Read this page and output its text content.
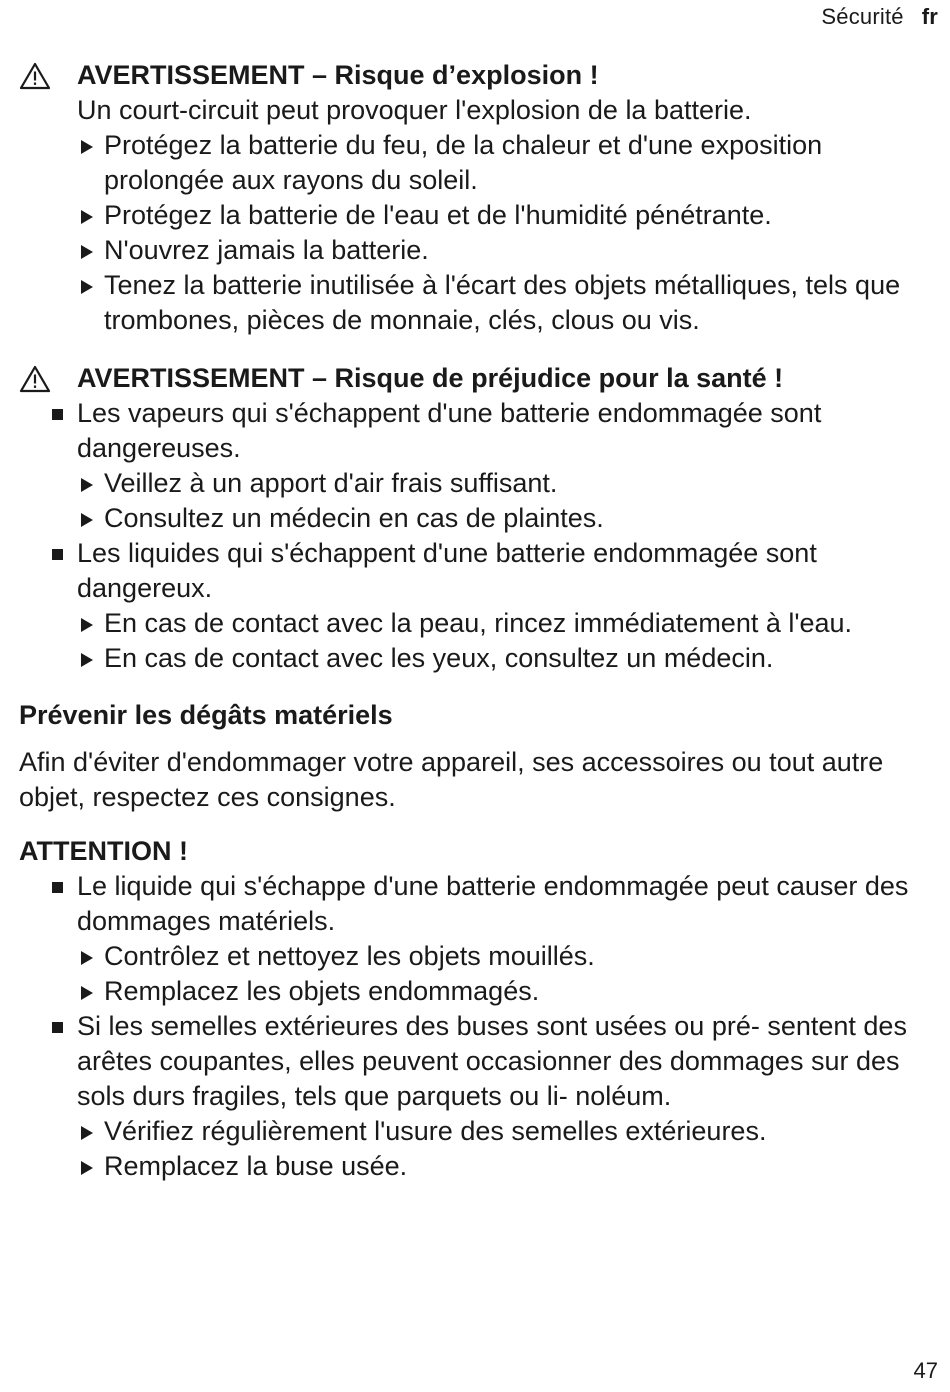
Sécurité fr
AVERTISSEMENT – Risque d’explosion !
Un court-circuit peut provoquer l'explosion de la batterie.
Protégez la batterie du feu, de la chaleur et d'une exposition prolongée aux rayons du soleil.
Protégez la batterie de l'eau et de l'humidité pénétrante.
N'ouvrez jamais la batterie.
Tenez la batterie inutilisée à l'écart des objets métalliques, tels que trombones, pièces de monnaie, clés, clous ou vis.
AVERTISSEMENT – Risque de préjudice pour la santé !
Les vapeurs qui s'échappent d'une batterie endommagée sont dangereuses.
Veillez à un apport d'air frais suffisant.
Consultez un médecin en cas de plaintes.
Les liquides qui s'échappent d'une batterie endommagée sont dangereux.
En cas de contact avec la peau, rincez immédiatement à l'eau.
En cas de contact avec les yeux, consultez un médecin.
Prévenir les dégâts matériels

Afin d'éviter d'endommager votre appareil, ses accessoires ou tout autre objet, respectez ces consignes.

ATTENTION !
Le liquide qui s'échappe d'une batterie endommagée peut causer des dommages matériels.
Contrôlez et nettoyez les objets mouillés.
Remplacez les objets endommagés.
Si les semelles extérieures des buses sont usées ou pré- sentent des arêtes coupantes, elles peuvent occasionner des dommages sur des sols durs fragiles, tels que parquets ou li- noléum.
Vérifiez régulièrement l'usure des semelles extérieures.
Remplacez la buse usée.
47
